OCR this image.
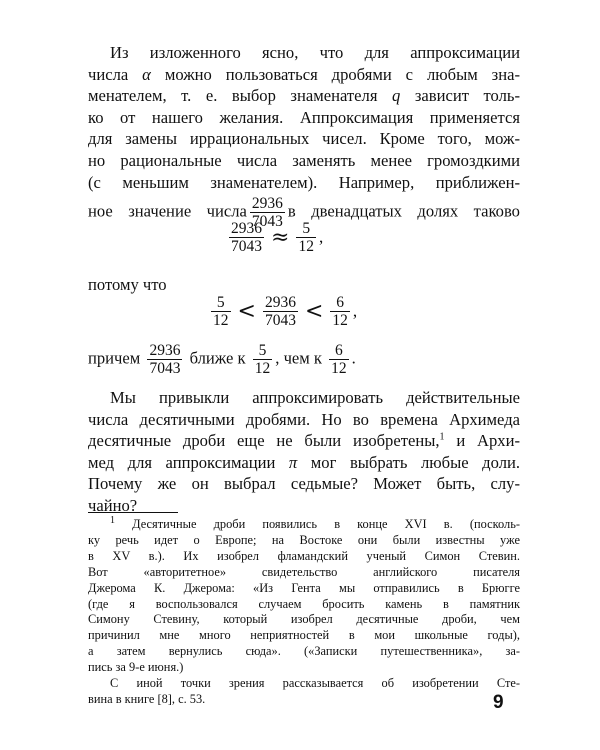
Из изложенного ясно, что для аппроксимации
числа α можно пользоваться дробями с любым зна-
менателем, т. е. выбор знаменателя q зависит толь-
ко от нашего желания. Аппроксимация применяется
для замены иррациональных чисел. Кроме того, мож-
но рациональные числа заменять менее громоздкими
(с меньшим знаменателем). Например, приближен-
ное значение числа $\frac{2936}{7043}$ в двенадцатых долях таково

$\frac{2936}{7043} \approx \frac{5}{12}$ ,
потому что
$\frac{5}{12} < \frac{2936}{7043} < \frac{6}{12}$ ,
причем $\frac{2936}{7043}$ ближе к $\frac{5}{12}$ , чем к $\frac{6}{12}$ .

Мы привыкли аппроксимировать действительные
числа десятичными дробями. Но во времена Архимеда
десятичные дроби еще не были изобретены,$^1$ и Архи-
мед для аппроксимации π мог выбрать любые доли.
Почему же он выбрал седьмые? Может быть, слу-
чайно?

$^1$ Десятичные дроби появились в конце XVI в. (посколь-
ку речь идет о Европе; на Востоке они были известны уже
в XV в.). Их изобрел фламандский ученый Симон Стевин.
Вот «авторитетное» свидетельство английского писателя
Джерома К. Джерома: «Из Гента мы отправились в Брюгге
(где я воспользовался случаем бросить камень в памятник
Симону Стевину, который изобрел десятичные дроби, чем
причинил мне много неприятностей в мои школьные годы),
а затем вернулись сюда». («Записки путешественника», за-
пись за 9-е июня.)
С иной точки зрения рассказывается об изобретении Сте-
вина в книге [8], с. 53.	9
